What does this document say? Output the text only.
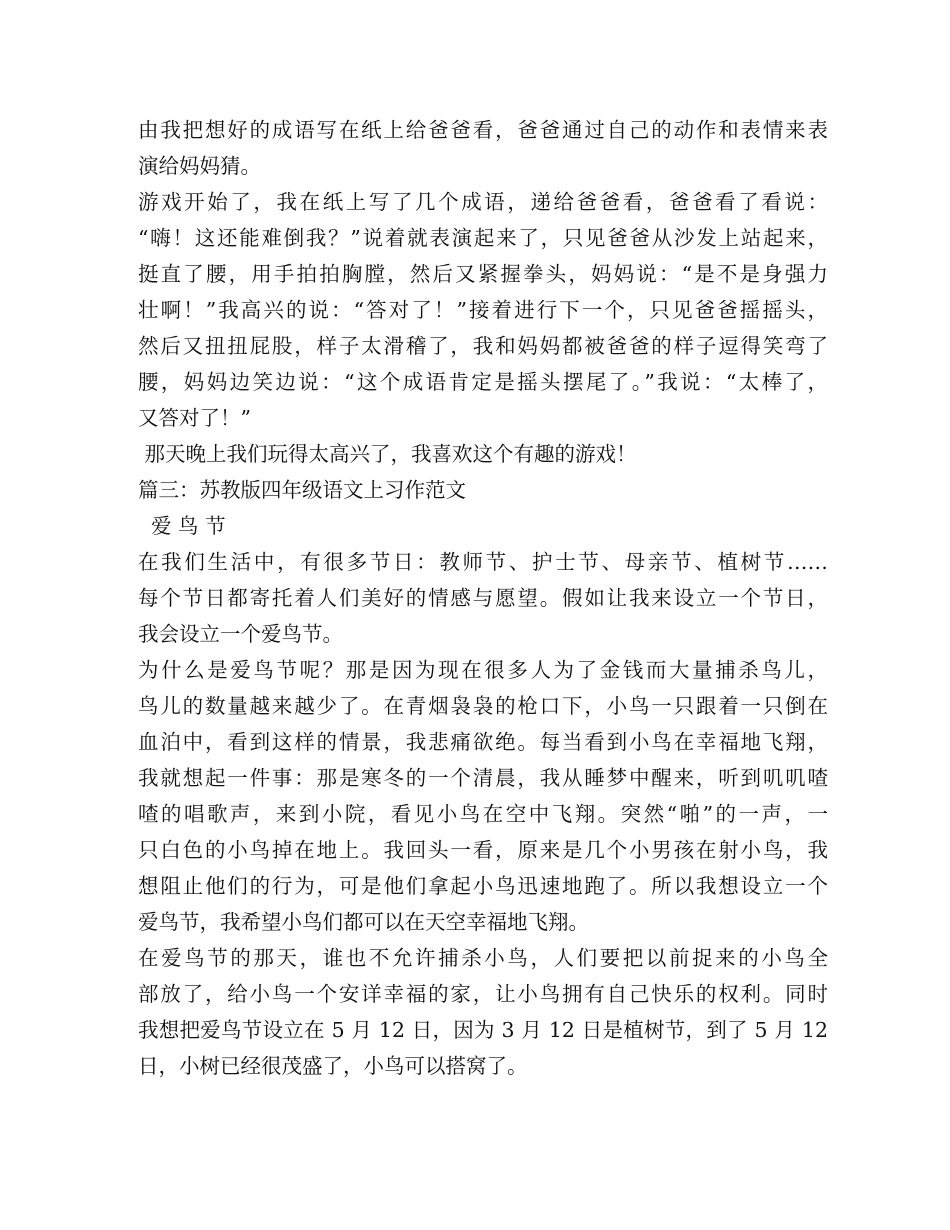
由我把想好的成语写在纸上给爸爸看，爸爸通过自己的动作和表情来表
演给妈妈猜。
游戏开始了，我在纸上写了几个成语，递给爸爸看，爸爸看了看说：
“嗨！这还能难倒我？”说着就表演起来了，只见爸爸从沙发上站起来，
挺直了腰，用手拍拍胸膛，然后又紧握拳头，妈妈说：“是不是身强力
壮啊！”我高兴的说：“答对了！”接着进行下一个，只见爸爸摇摇头，
然后又扭扭屁股，样子太滑稽了，我和妈妈都被爸爸的样子逗得笑弯了
腰，妈妈边笑边说：“这个成语肯定是摇头摆尾了。”我说：“太棒了，
又答对了！”
那天晚上我们玩得太高兴了，我喜欢这个有趣的游戏！
篇三：苏教版四年级语文上习作范文
爱 鸟 节
在我们生活中，有很多节日：教师节、护士节、母亲节、植树节……
每个节日都寄托着人们美好的情感与愿望。假如让我来设立一个节日，
我会设立一个爱鸟节。
为什么是爱鸟节呢？那是因为现在很多人为了金钱而大量捕杀鸟儿，
鸟儿的数量越来越少了。在青烟袅袅的枪口下，小鸟一只跟着一只倒在
血泊中，看到这样的情景，我悲痛欲绝。每当看到小鸟在幸福地飞翔，
我就想起一件事：那是寒冬的一个清晨，我从睡梦中醒来，听到叽叽喳
喳的唱歌声，来到小院，看见小鸟在空中飞翔。突然“啪”的一声，一
只白色的小鸟掉在地上。我回头一看，原来是几个小男孩在射小鸟，我
想阻止他们的行为，可是他们拿起小鸟迅速地跑了。所以我想设立一个
爱鸟节，我希望小鸟们都可以在天空幸福地飞翔。
在爱鸟节的那天，谁也不允许捕杀小鸟，人们要把以前捉来的小鸟全
部放了，给小鸟一个安详幸福的家，让小鸟拥有自己快乐的权利。同时
我想把爱鸟节设立在 5 月 12 日，因为 3 月 12 日是植树节，到了 5 月 12
日，小树已经很茂盛了，小鸟可以搭窝了。
